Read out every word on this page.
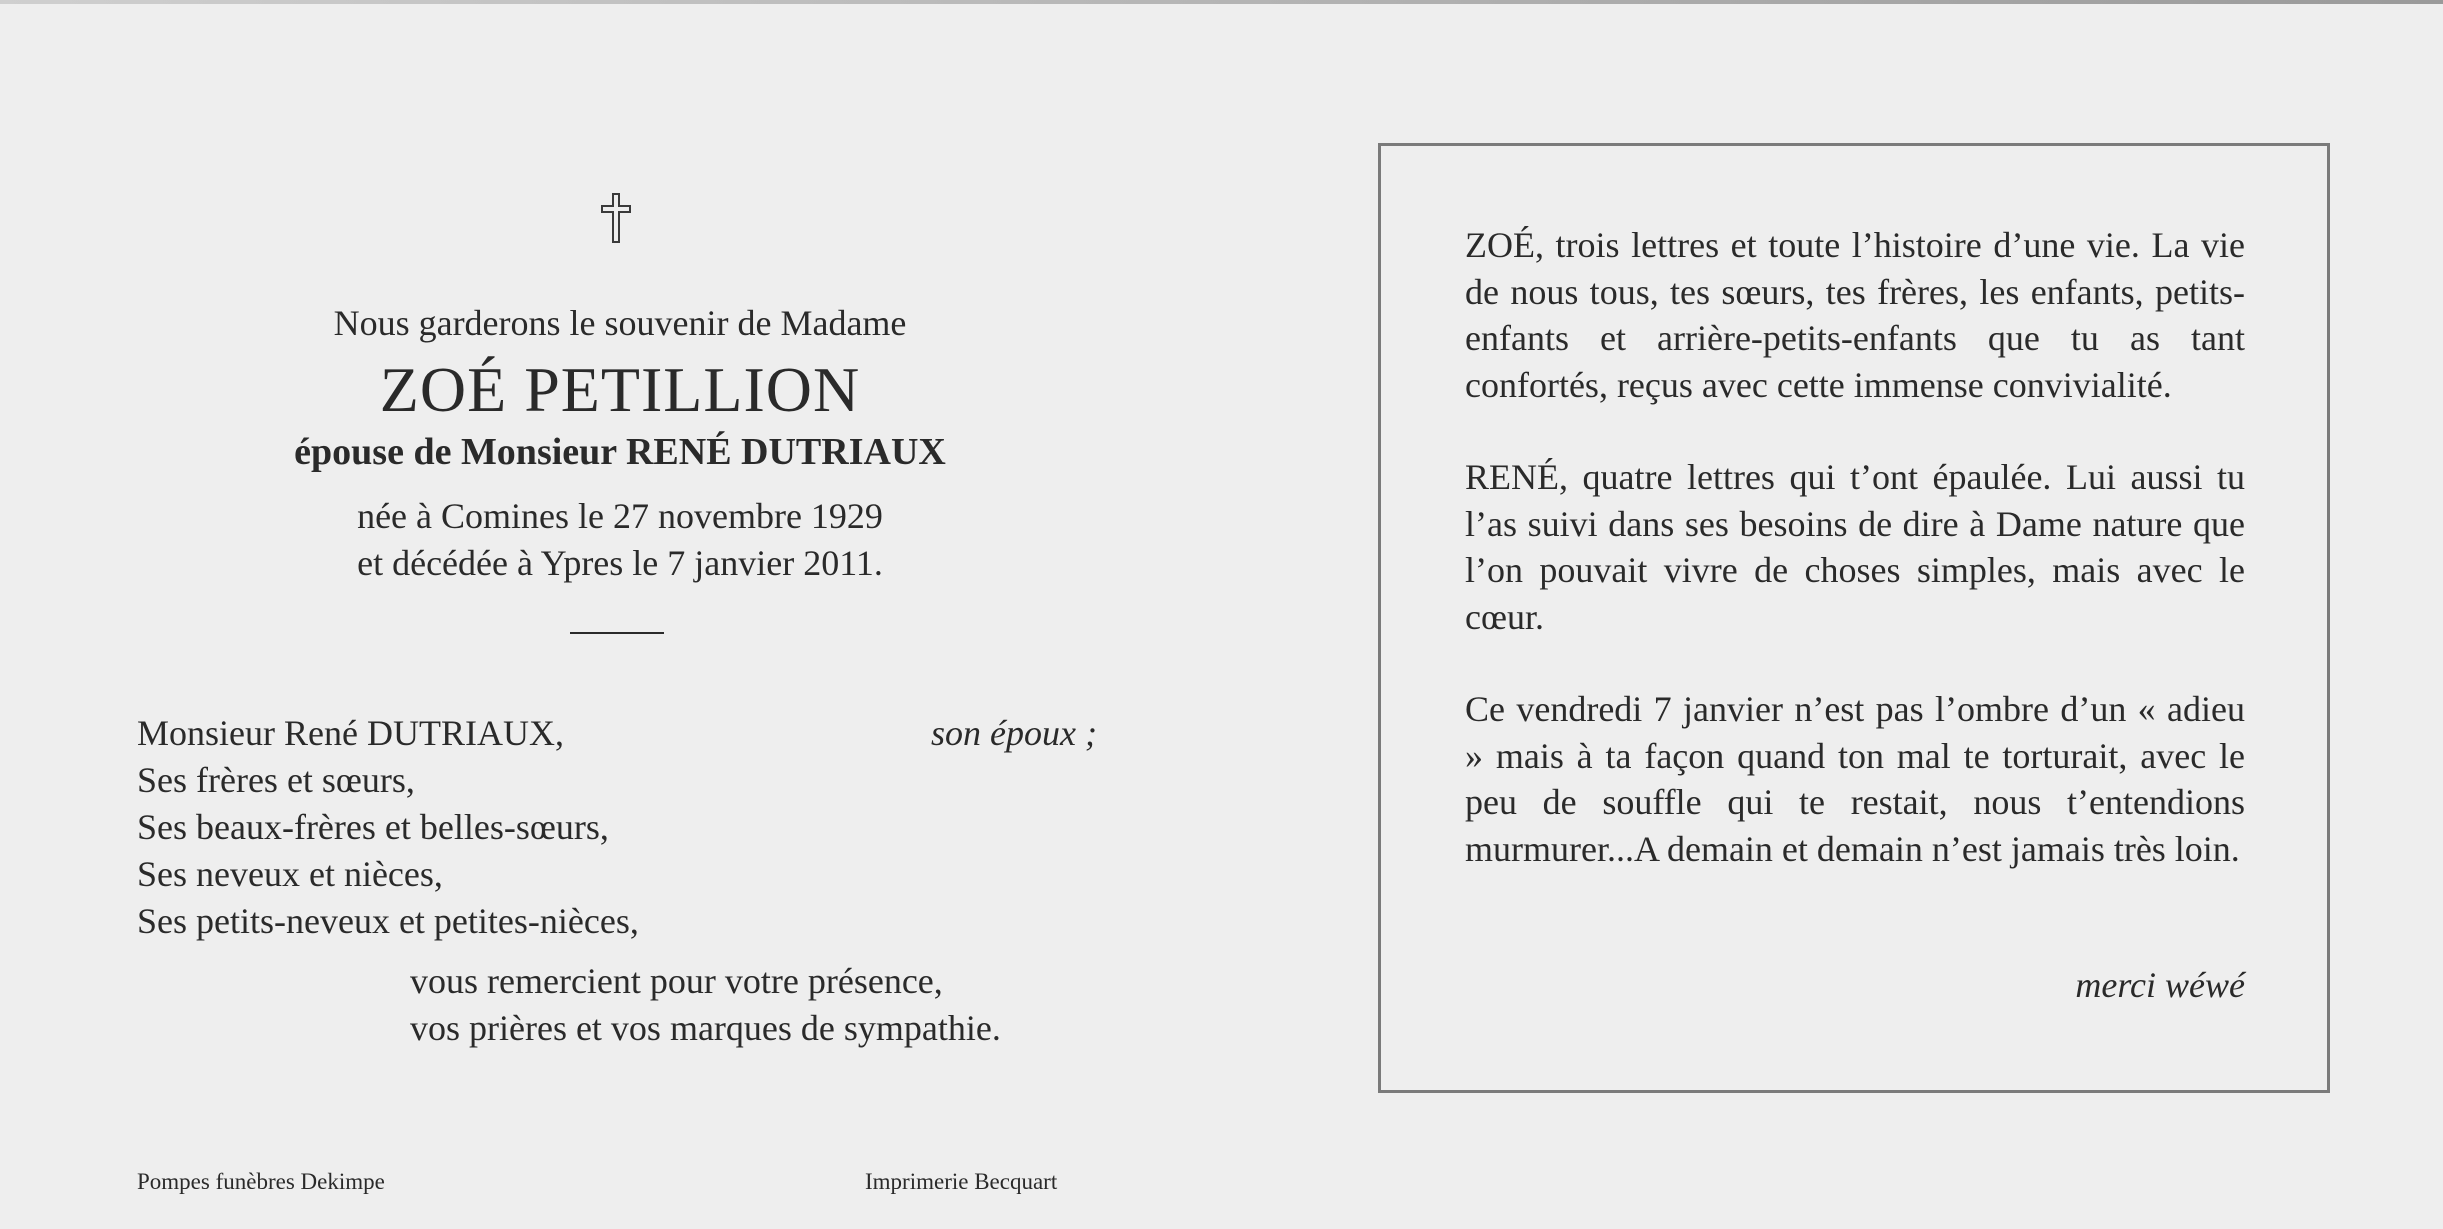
Nous garderons le souvenir de Madame
ZOÉ PETILLION
épouse de Monsieur RENÉ DUTRIAUX
née à Comines le 27 novembre 1929
et décédée à Ypres le 7 janvier 2011.
Monsieur René DUTRIAUX,	son époux ;
Ses frères et sœurs,
Ses beaux-frères et belles-sœurs,
Ses neveux et nièces,
Ses petits-neveux et petites-nièces,
vous remercient pour votre présence,
vos prières et vos marques de sympathie.
Pompes funèbres Dekimpe	Imprimerie Becquart

ZOÉ, trois lettres et toute l’histoire d’une vie. La vie de nous tous, tes sœurs, tes frères, les enfants, petits-enfants et arrière-petits-enfants que tu as tant confortés, reçus avec cette immense convivialité.

RENÉ, quatre lettres qui t’ont épaulée. Lui aussi tu l’as suivi dans ses besoins de dire à Dame nature que l’on pouvait vivre de choses simples, mais avec le cœur.

Ce vendredi 7 janvier n’est pas l’ombre d’un « adieu » mais à ta façon quand ton mal te torturait, avec le peu de souffle qui te restait, nous t’entendions murmurer...A demain et demain n’est jamais très loin.

merci wéwé
